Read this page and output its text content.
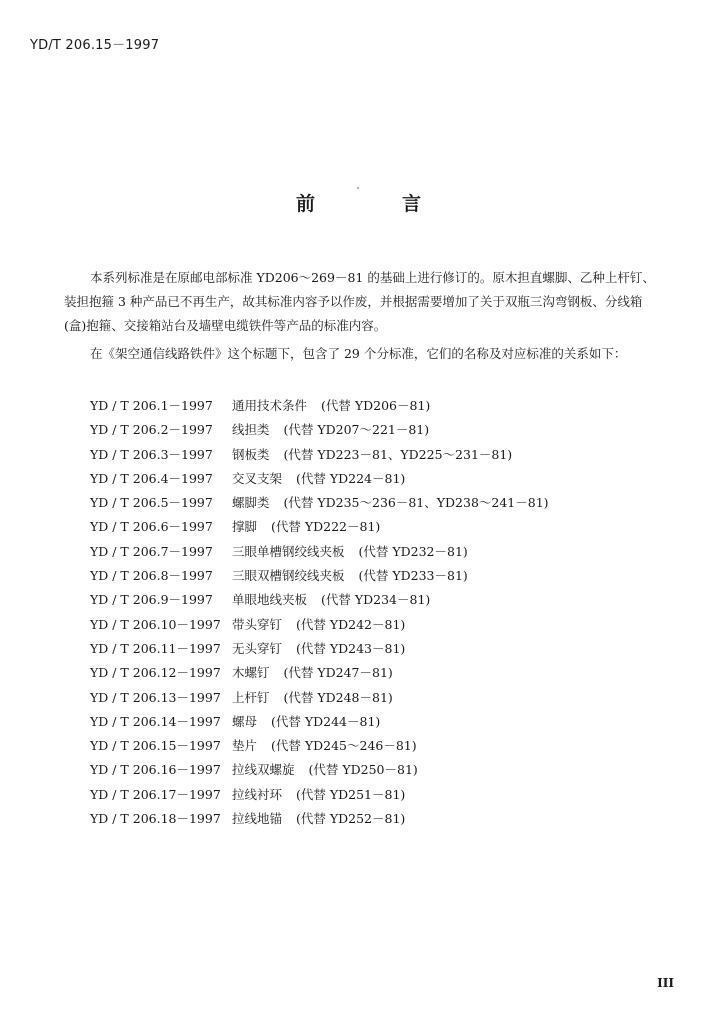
YD/T 206.15－1997
前	言

本系列标准是在原邮电部标准 YD206～269－81 的基础上进行修订的。原木担直螺脚、乙种上杆钉、装担抱箍 3 种产品已不再生产，故其标准内容予以作废，并根据需要增加了关于双瓶三沟弯钢板、分线箱(盒)抱箍、交接箱站台及墙壁电缆铁件等产品的标准内容。

在《架空通信线路铁件》这个标题下，包含了 29 个分标准，它们的名称及对应标准的关系如下：

YD / T 206.1－1997	通用技术条件 (代替 YD206－81)
YD / T 206.2－1997	线担类 (代替 YD207～221－81)
YD / T 206.3－1997	钢板类 (代替 YD223－81、YD225～231－81)
YD / T 206.4－1997	交叉支架 (代替 YD224－81)
YD / T 206.5－1997	螺脚类 (代替 YD235～236－81、YD238～241－81)
YD / T 206.6－1997	撑脚 (代替 YD222－81)
YD / T 206.7－1997	三眼单槽钢绞线夹板 (代替 YD232－81)
YD / T 206.8－1997	三眼双槽钢绞线夹板 (代替 YD233－81)
YD / T 206.9－1997	单眼地线夹板 (代替 YD234－81)
YD / T 206.10－1997 带头穿钉 (代替 YD242－81)
YD / T 206.11－1997 无头穿钉 (代替 YD243－81)
YD / T 206.12－1997 木螺钉 (代替 YD247－81)
YD / T 206.13－1997 上杆钉 (代替 YD248－81)
YD / T 206.14－1997 螺母 (代替 YD244－81)
YD / T 206.15－1997 垫片 (代替 YD245～246－81)
YD / T 206.16－1997 拉线双螺旋 (代替 YD250－81)
YD / T 206.17－1997 拉线衬环 (代替 YD251－81)
YD / T 206.18－1997 拉线地锚 (代替 YD252－81)
III
